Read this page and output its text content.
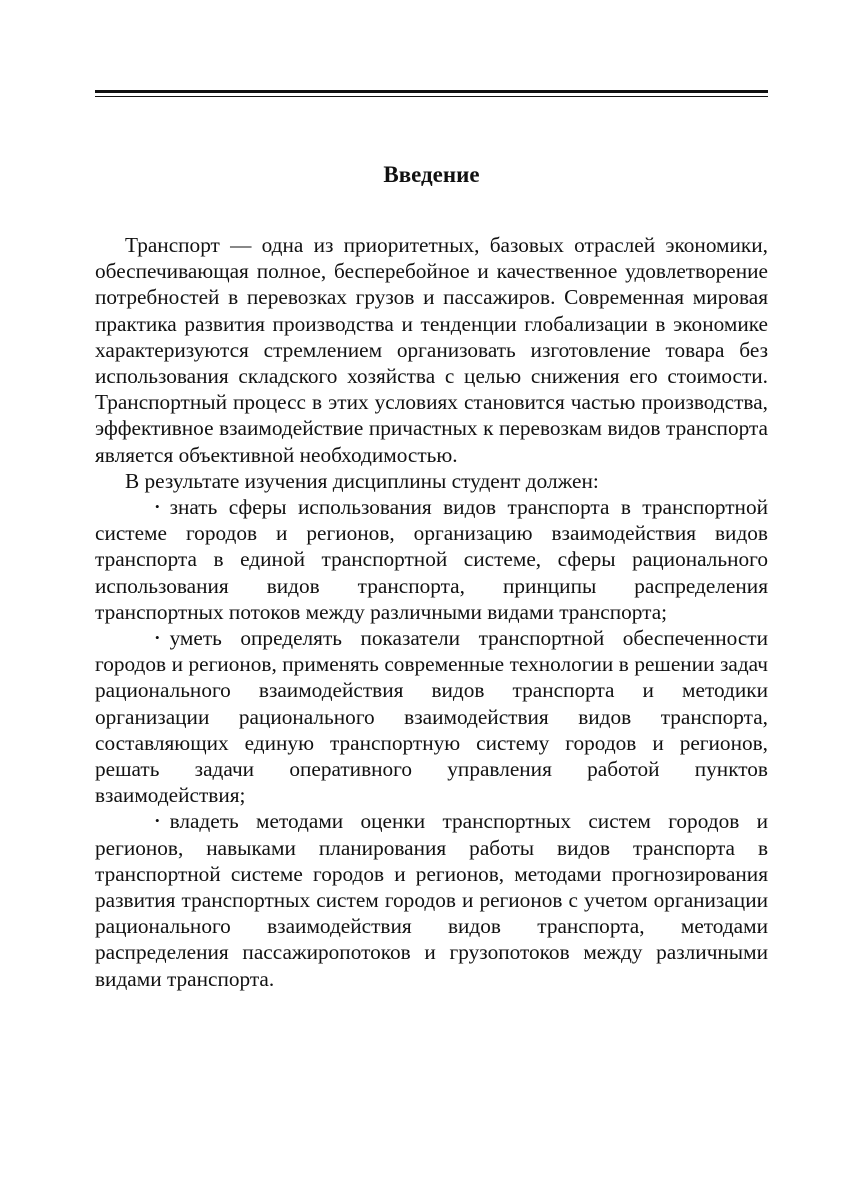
Введение

Транспорт — одна из приоритетных, базовых отраслей экономики, обеспечивающая полное, бесперебойное и качественное удовлетворение потребностей в перевозках грузов и пассажиров. Современная мировая практика развития производства и тенденции глобализации в экономике характеризуются стремлением организовать изготовление товара без использования складского хозяйства с целью снижения его стоимости. Транспортный процесс в этих условиях становится частью производства, эффективное взаимодействие причастных к перевозкам видов транспорта является объективной необходимостью.

В результате изучения дисциплины студент должен:

• знать сферы использования видов транспорта в транспортной системе городов и регионов, организацию взаимодействия видов транспорта в единой транспортной системе, сферы рационального использования видов транспорта, принципы распределения транспортных потоков между различными видами транспорта;

• уметь определять показатели транспортной обеспеченности городов и регионов, применять современные технологии в решении задач рационального взаимодействия видов транспорта и методики организации рационального взаимодействия видов транспорта, составляющих единую транспортную систему городов и регионов, решать задачи оперативного управления работой пунктов взаимодействия;

• владеть методами оценки транспортных систем городов и регионов, навыками планирования работы видов транспорта в транспортной системе городов и регионов, методами прогнозирования развития транспортных систем городов и регионов с учетом организации рационального взаимодействия видов транспорта, методами распределения пассажиропотоков и грузопотоков между различными видами транспорта.
